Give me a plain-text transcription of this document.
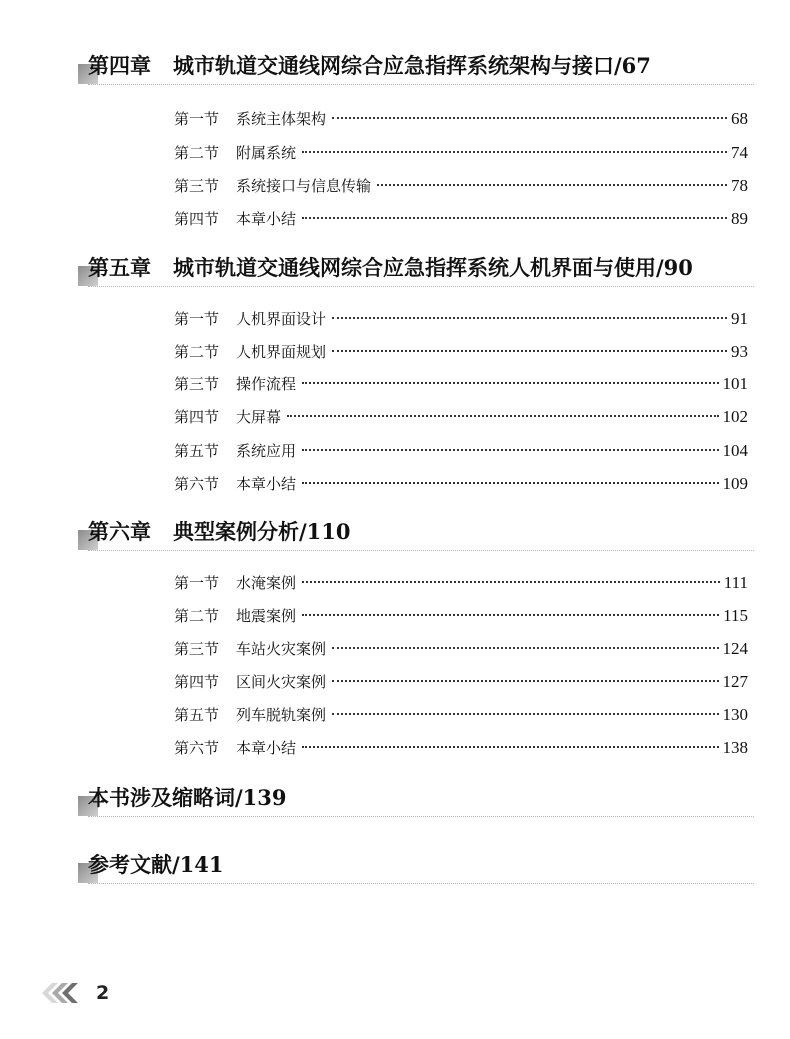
第四章 城市轨道交通线网综合应急指挥系统架构与接口/67
第一节	系统主体架构	68
第二节	附属系统	74
第三节	系统接口与信息传输	78
第四节	本章小结	89
第五章 城市轨道交通线网综合应急指挥系统人机界面与使用/90
第一节	人机界面设计	91
第二节	人机界面规划	93
第三节	操作流程	101
第四节	大屏幕	102
第五节	系统应用	104
第六节	本章小结	109
第六章 典型案例分析/110
第一节	水淹案例	111
第二节	地震案例	115
第三节	车站火灾案例	124
第四节	区间火灾案例	127
第五节	列车脱轨案例	130
第六节	本章小结	138
本书涉及缩略词/139
参考文献/141
2
